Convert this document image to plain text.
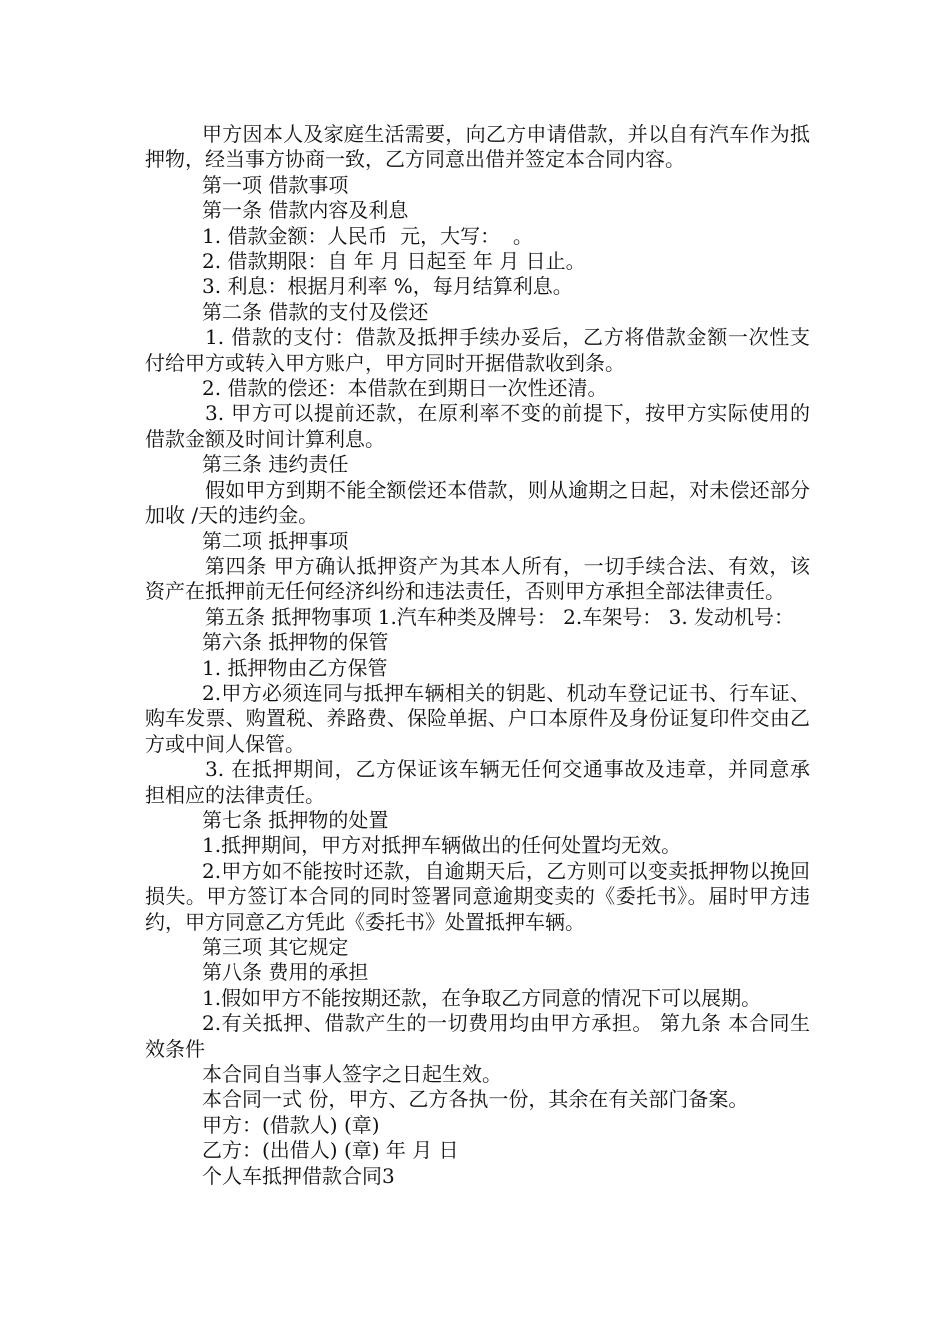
甲方因本人及家庭生活需要，向乙方申请借款，并以自有汽车作为抵押物，经当事方协商一致，乙方同意出借并签定本合同内容。

第一项 借款事项

第一条 借款内容及利息

1. 借款金额：人民币  元，大写：  。

2. 借款期限：自 年 月 日起至 年 月 日止。

3. 利息：根据月利率 %，每月结算利息。

第二条 借款的支付及偿还

1. 借款的支付：借款及抵押手续办妥后，乙方将借款金额一次性支付给甲方或转入甲方账户，甲方同时开据借款收到条。

2. 借款的偿还：本借款在到期日一次性还清。

3. 甲方可以提前还款，在原利率不变的前提下，按甲方实际使用的借款金额及时间计算利息。

第三条 违约责任

假如甲方到期不能全额偿还本借款，则从逾期之日起，对未偿还部分加收 /天的违约金。

第二项 抵押事项

第四条 甲方确认抵押资产为其本人所有，一切手续合法、有效，该资产在抵押前无任何经济纠纷和违法责任，否则甲方承担全部法律责任。

第五条 抵押物事项 1.汽车种类及牌号： 2.车架号： 3. 发动机号：

第六条 抵押物的保管

1. 抵押物由乙方保管

2.甲方必须连同与抵押车辆相关的钥匙、机动车登记证书、行车证、购车发票、购置税、养路费、保险单据、户口本原件及身份证复印件交由乙方或中间人保管。

3. 在抵押期间，乙方保证该车辆无任何交通事故及违章，并同意承担相应的法律责任。

第七条 抵押物的处置

1.抵押期间，甲方对抵押车辆做出的任何处置均无效。

2.甲方如不能按时还款，自逾期天后，乙方则可以变卖抵押物以挽回损失。甲方签订本合同的同时签署同意逾期变卖的《委托书》。届时甲方违约，甲方同意乙方凭此《委托书》处置抵押车辆。

第三项 其它规定

第八条 费用的承担

1.假如甲方不能按期还款，在争取乙方同意的情况下可以展期。

2.有关抵押、借款产生的一切费用均由甲方承担。 第九条 本合同生效条件

本合同自当事人签字之日起生效。

本合同一式 份，甲方、乙方各执一份，其余在有关部门备案。

甲方：(借款人) (章)

乙方：(出借人) (章) 年 月 日

个人车抵押借款合同3
